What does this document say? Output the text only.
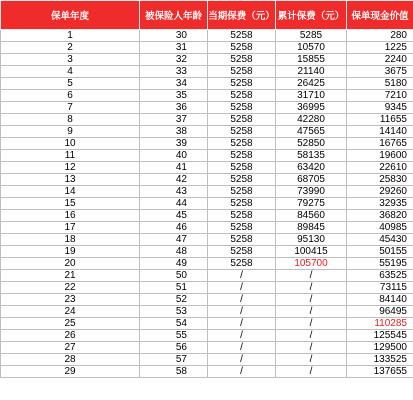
保单年度	被保险人年龄	当期保费（元）	累计保费（元）	保单现金价值
1	30	5258	5285	280
2	31	5258	10570	1225
3	32	5258	15855	2240
4	33	5258	21140	3675
5	34	5258	26425	5180
6	35	5258	31710	7210
7	36	5258	36995	9345
8	37	5258	42280	11655
9	38	5258	47565	14140
10	39	5258	52850	16765
11	40	5258	58135	19600
12	41	5258	63420	22610
13	42	5258	68705	25830
14	43	5258	73990	29260
15	44	5258	79275	32935
16	45	5258	84560	36820
17	46	5258	89845	40985
18	47	5258	95130	45430
19	48	5258	100415	50155
20	49	5258	105700	55195
21	50	/	/	63525
22	51	/	/	73115
23	52	/	/	84140
24	53	/	/	96495
25	54	/	/	110285
26	55	/	/	125545
27	56	/	/	129500
28	57	/	/	133525
29	58	/	/	137655
